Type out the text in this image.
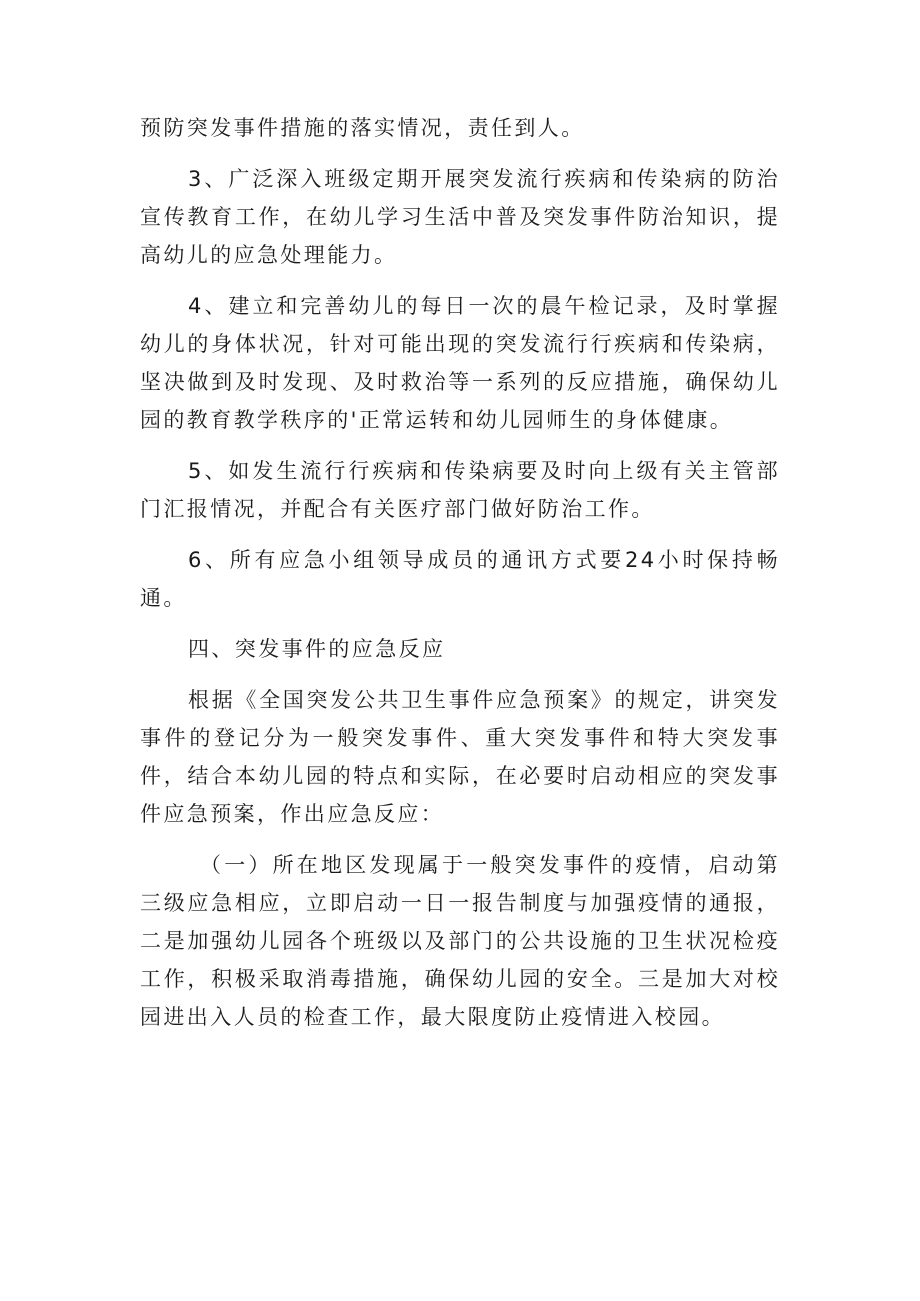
预防突发事件措施的落实情况，责任到人。

3、广泛深入班级定期开展突发流行疾病和传染病的防治宣传教育工作，在幼儿学习生活中普及突发事件防治知识，提高幼儿的应急处理能力。

4、建立和完善幼儿的每日一次的晨午检记录，及时掌握幼儿的身体状况，针对可能出现的突发流行行疾病和传染病，坚决做到及时发现、及时救治等一系列的反应措施，确保幼儿园的教育教学秩序的'正常运转和幼儿园师生的身体健康。

5、如发生流行行疾病和传染病要及时向上级有关主管部门汇报情况，并配合有关医疗部门做好防治工作。

6、所有应急小组领导成员的通讯方式要24小时保持畅通。

四、突发事件的应急反应

根据《全国突发公共卫生事件应急预案》的规定，讲突发事件的登记分为一般突发事件、重大突发事件和特大突发事件，结合本幼儿园的特点和实际，在必要时启动相应的突发事件应急预案，作出应急反应：

（一）所在地区发现属于一般突发事件的疫情，启动第三级应急相应，立即启动一日一报告制度与加强疫情的通报，二是加强幼儿园各个班级以及部门的公共设施的卫生状况检疫工作，积极采取消毒措施，确保幼儿园的安全。三是加大对校园进出入人员的检查工作，最大限度防止疫情进入校园。
